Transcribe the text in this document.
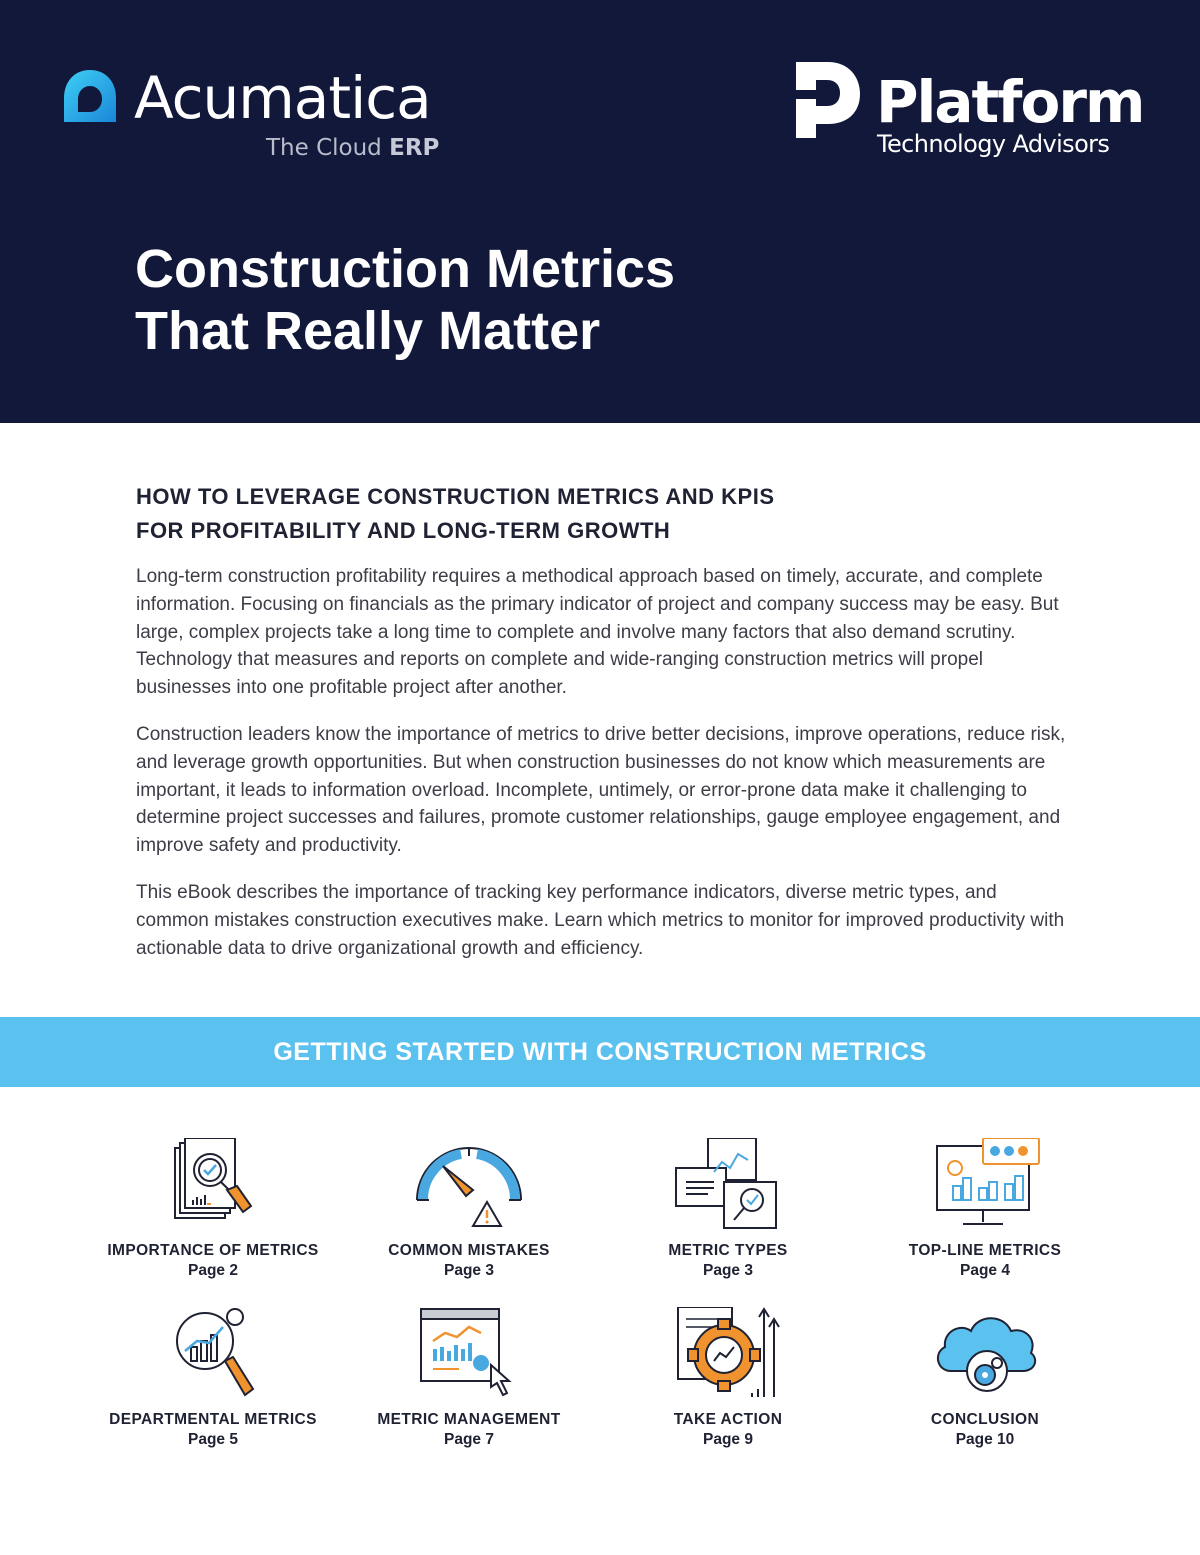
Acumatica
The Cloud ERP
Platform
Technology Advisors
Construction Metrics
That Really Matter
HOW TO LEVERAGE CONSTRUCTION METRICS AND KPIS
FOR PROFITABILITY AND LONG-TERM GROWTH

Long-term construction profitability requires a methodical approach based on timely, accurate, and complete information. Focusing on financials as the primary indicator of project and company success may be easy. But large, complex projects take a long time to complete and involve many factors that also demand scrutiny. Technology that measures and reports on complete and wide-ranging construction metrics will propel businesses into one profitable project after another.

Construction leaders know the importance of metrics to drive better decisions, improve operations, reduce risk, and leverage growth opportunities. But when construction businesses do not know which measurements are important, it leads to information overload. Incomplete, untimely, or error-prone data make it challenging to determine project successes and failures, promote customer relationships, gauge employee engagement, and improve safety and productivity.

This eBook describes the importance of tracking key performance indicators, diverse metric types, and common mistakes construction executives make. Learn which metrics to monitor for improved productivity with actionable data to drive organizational growth and efficiency.

GETTING STARTED WITH CONSTRUCTION METRICS
IMPORTANCE OF METRICS
Page 2
COMMON MISTAKES
Page 3
METRIC TYPES
Page 3
TOP-LINE METRICS
Page 4
DEPARTMENTAL METRICS
Page 5
METRIC MANAGEMENT
Page 7
TAKE ACTION
Page 9
CONCLUSION
Page 10
